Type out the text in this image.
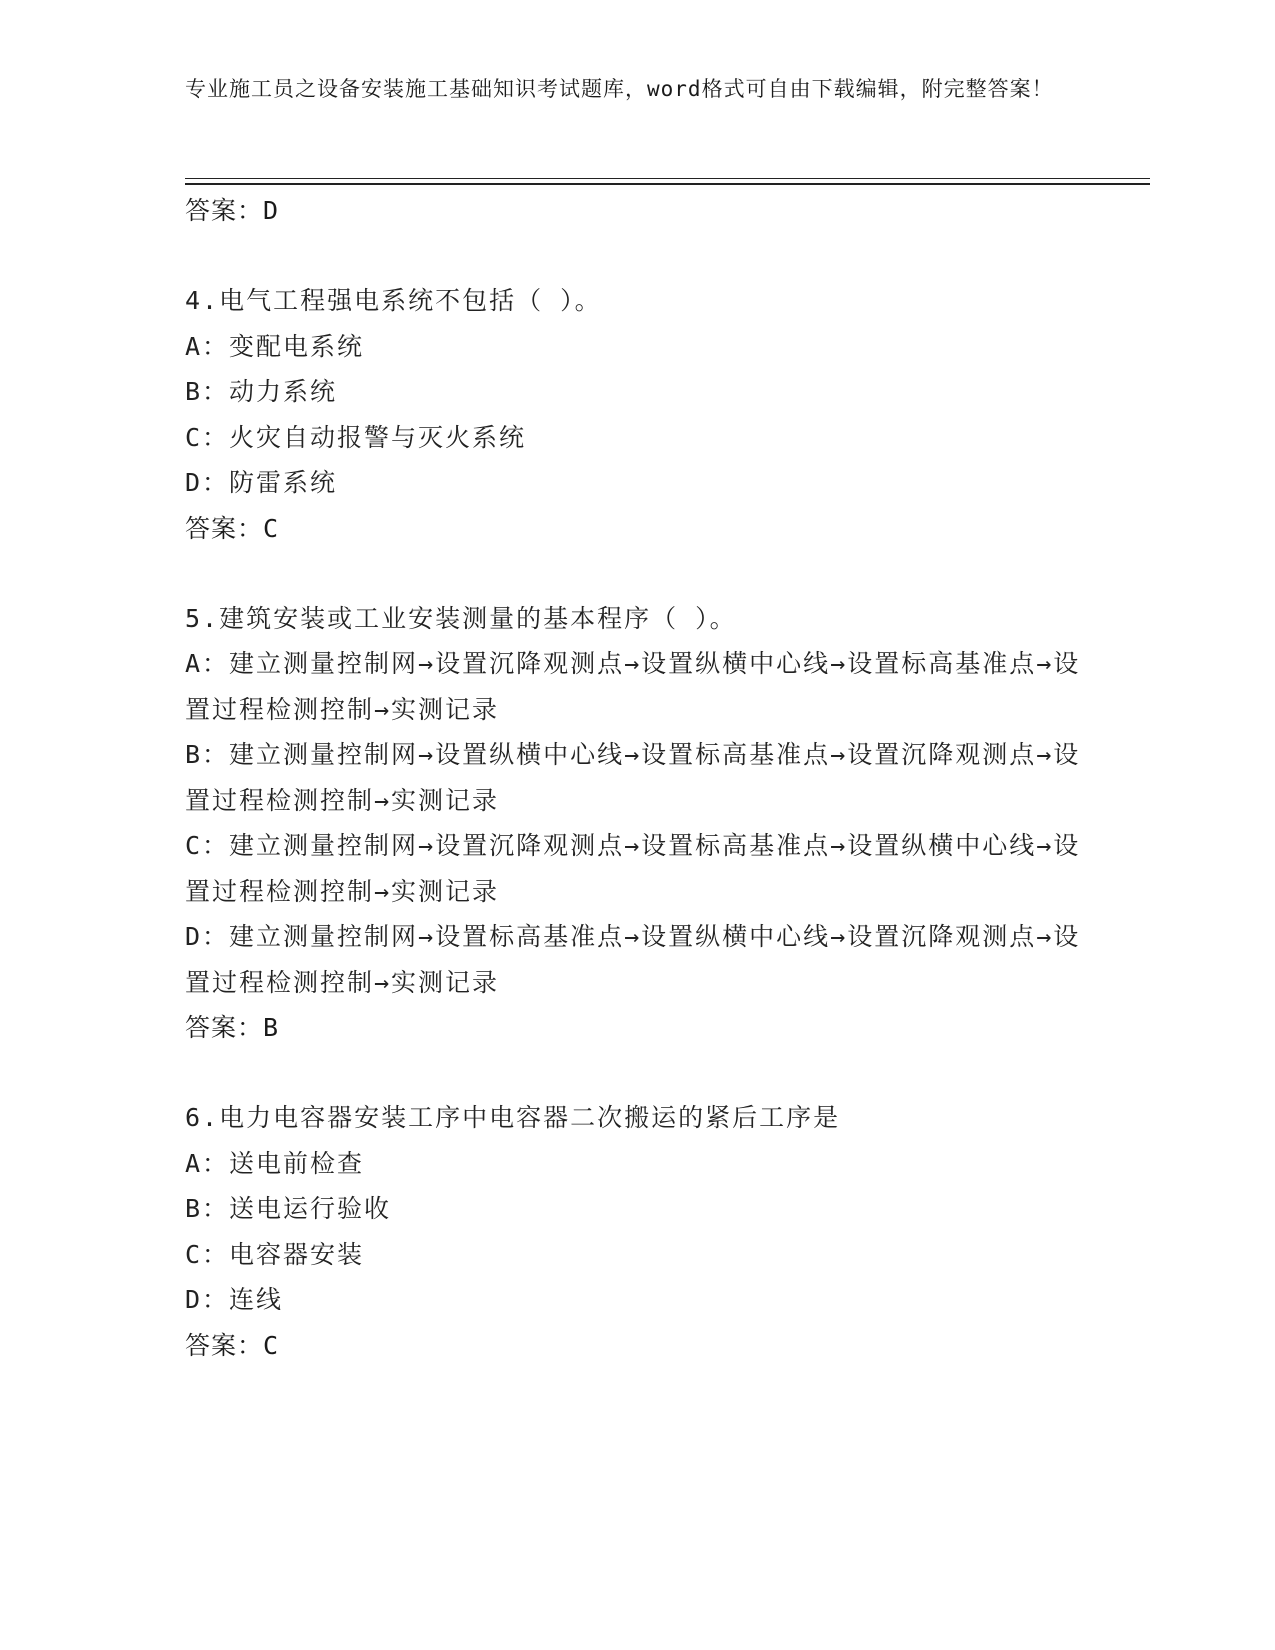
专业施工员之设备安装施工基础知识考试题库，word格式可自由下载编辑，附完整答案！
答案：D
4.电气工程强电系统不包括（ ）。
A：变配电系统
B：动力系统
C：火灾自动报警与灭火系统
D：防雷系统
答案：C
5.建筑安装或工业安装测量的基本程序（ ）。
A：建立测量控制网→设置沉降观测点→设置纵横中心线→设置标高基准点→设置过程检测控制→实测记录
B：建立测量控制网→设置纵横中心线→设置标高基准点→设置沉降观测点→设置过程检测控制→实测记录
C：建立测量控制网→设置沉降观测点→设置标高基准点→设置纵横中心线→设置过程检测控制→实测记录
D：建立测量控制网→设置标高基准点→设置纵横中心线→设置沉降观测点→设置过程检测控制→实测记录
答案：B
6.电力电容器安装工序中电容器二次搬运的紧后工序是
A：送电前检查
B：送电运行验收
C：电容器安装
D：连线
答案：C
